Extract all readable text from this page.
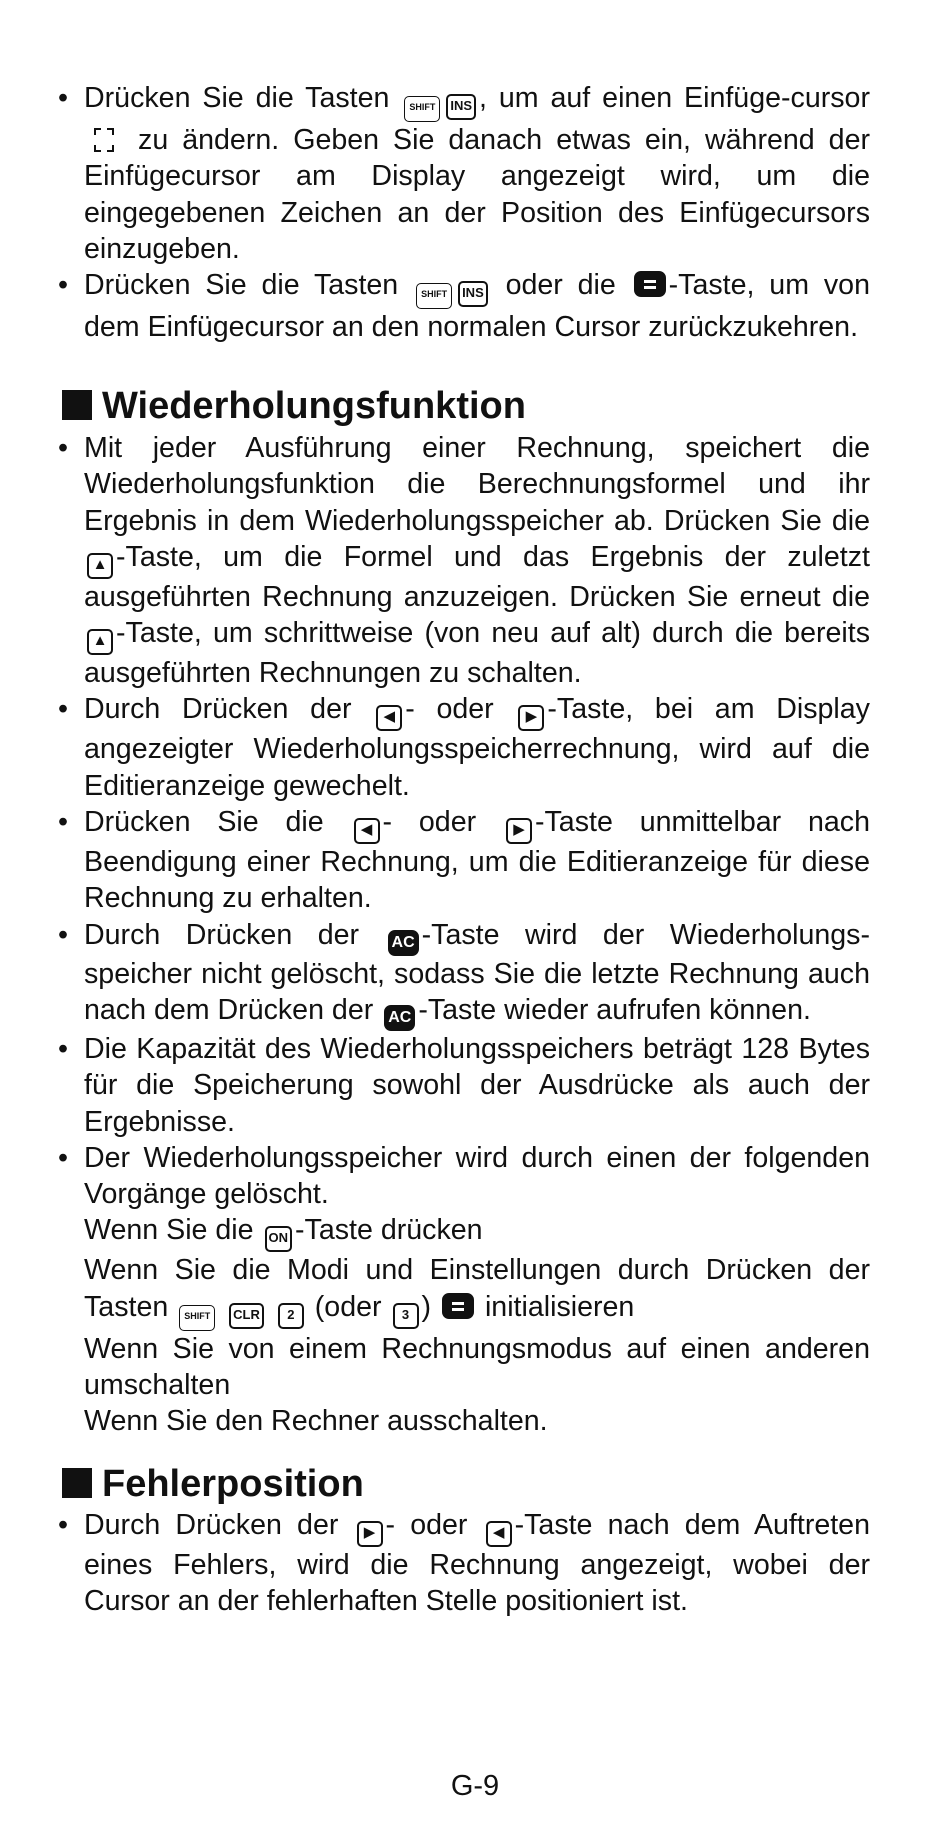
• Drücken Sie die Tasten SHIFT INS , um auf einen Einfüge-cursor
zu ändern. Geben Sie danach etwas ein, während der Einfügecursor am Display angezeigt wird, um die eingegebenen Zeichen an der Position des Einfügecursors einzugeben.
• Drücken Sie die Tasten	SHIFT INS oder die -Taste, um von dem Einfügecursor an den normalen Cursor zurückzukehren.
Wiederholungsfunktion
• Mit jeder Ausführung einer Rechnung, speichert die Wiederholungsfunktion die Berechnungsformel und ihr Ergebnis in dem Wiederholungsspeicher ab. Drücken Sie die ▲ -Taste, um die Formel und das Ergebnis der zuletzt ausgeführten Rechnung anzuzeigen. Drücken Sie erneut die ▲ -Taste, um schrittweise (von neu auf alt) durch die bereits ausgeführten Rechnungen zu schalten.
• Durch Drücken der ◀ - oder ▶ -Taste, bei am Display angezeigter Wiederholungsspeicherrechnung, wird auf die Editieranzeige gewechelt.
• Drücken Sie die ◀ - oder ▶ -Taste unmittelbar nach Beendigung einer Rechnung, um die Editieranzeige für diese Rechnung zu erhalten.
• Durch Drücken der AC -Taste wird der Wiederholungs-speicher nicht gelöscht, sodass Sie die letzte Rechnung auch nach dem Drücken der AC -Taste wieder aufrufen können.
• Die Kapazität des Wiederholungsspeichers beträgt 128 Bytes für die Speicherung sowohl der Ausdrücke als auch der Ergebnisse.
• Der Wiederholungsspeicher wird durch einen der folgenden Vorgänge gelöscht.
Wenn Sie die ON -Taste drücken
Wenn Sie die Modi und Einstellungen durch Drücken der Tasten SHIFT CLR 2 (oder 3 ) initialisieren
Wenn Sie von einem Rechnungsmodus auf einen anderen umschalten
Wenn Sie den Rechner ausschalten.
Fehlerposition
• Durch Drücken der ▶ - oder ◀ -Taste nach dem Auftreten eines Fehlers, wird die Rechnung angezeigt, wobei der Cursor an der fehlerhaften Stelle positioniert ist.
G-9
